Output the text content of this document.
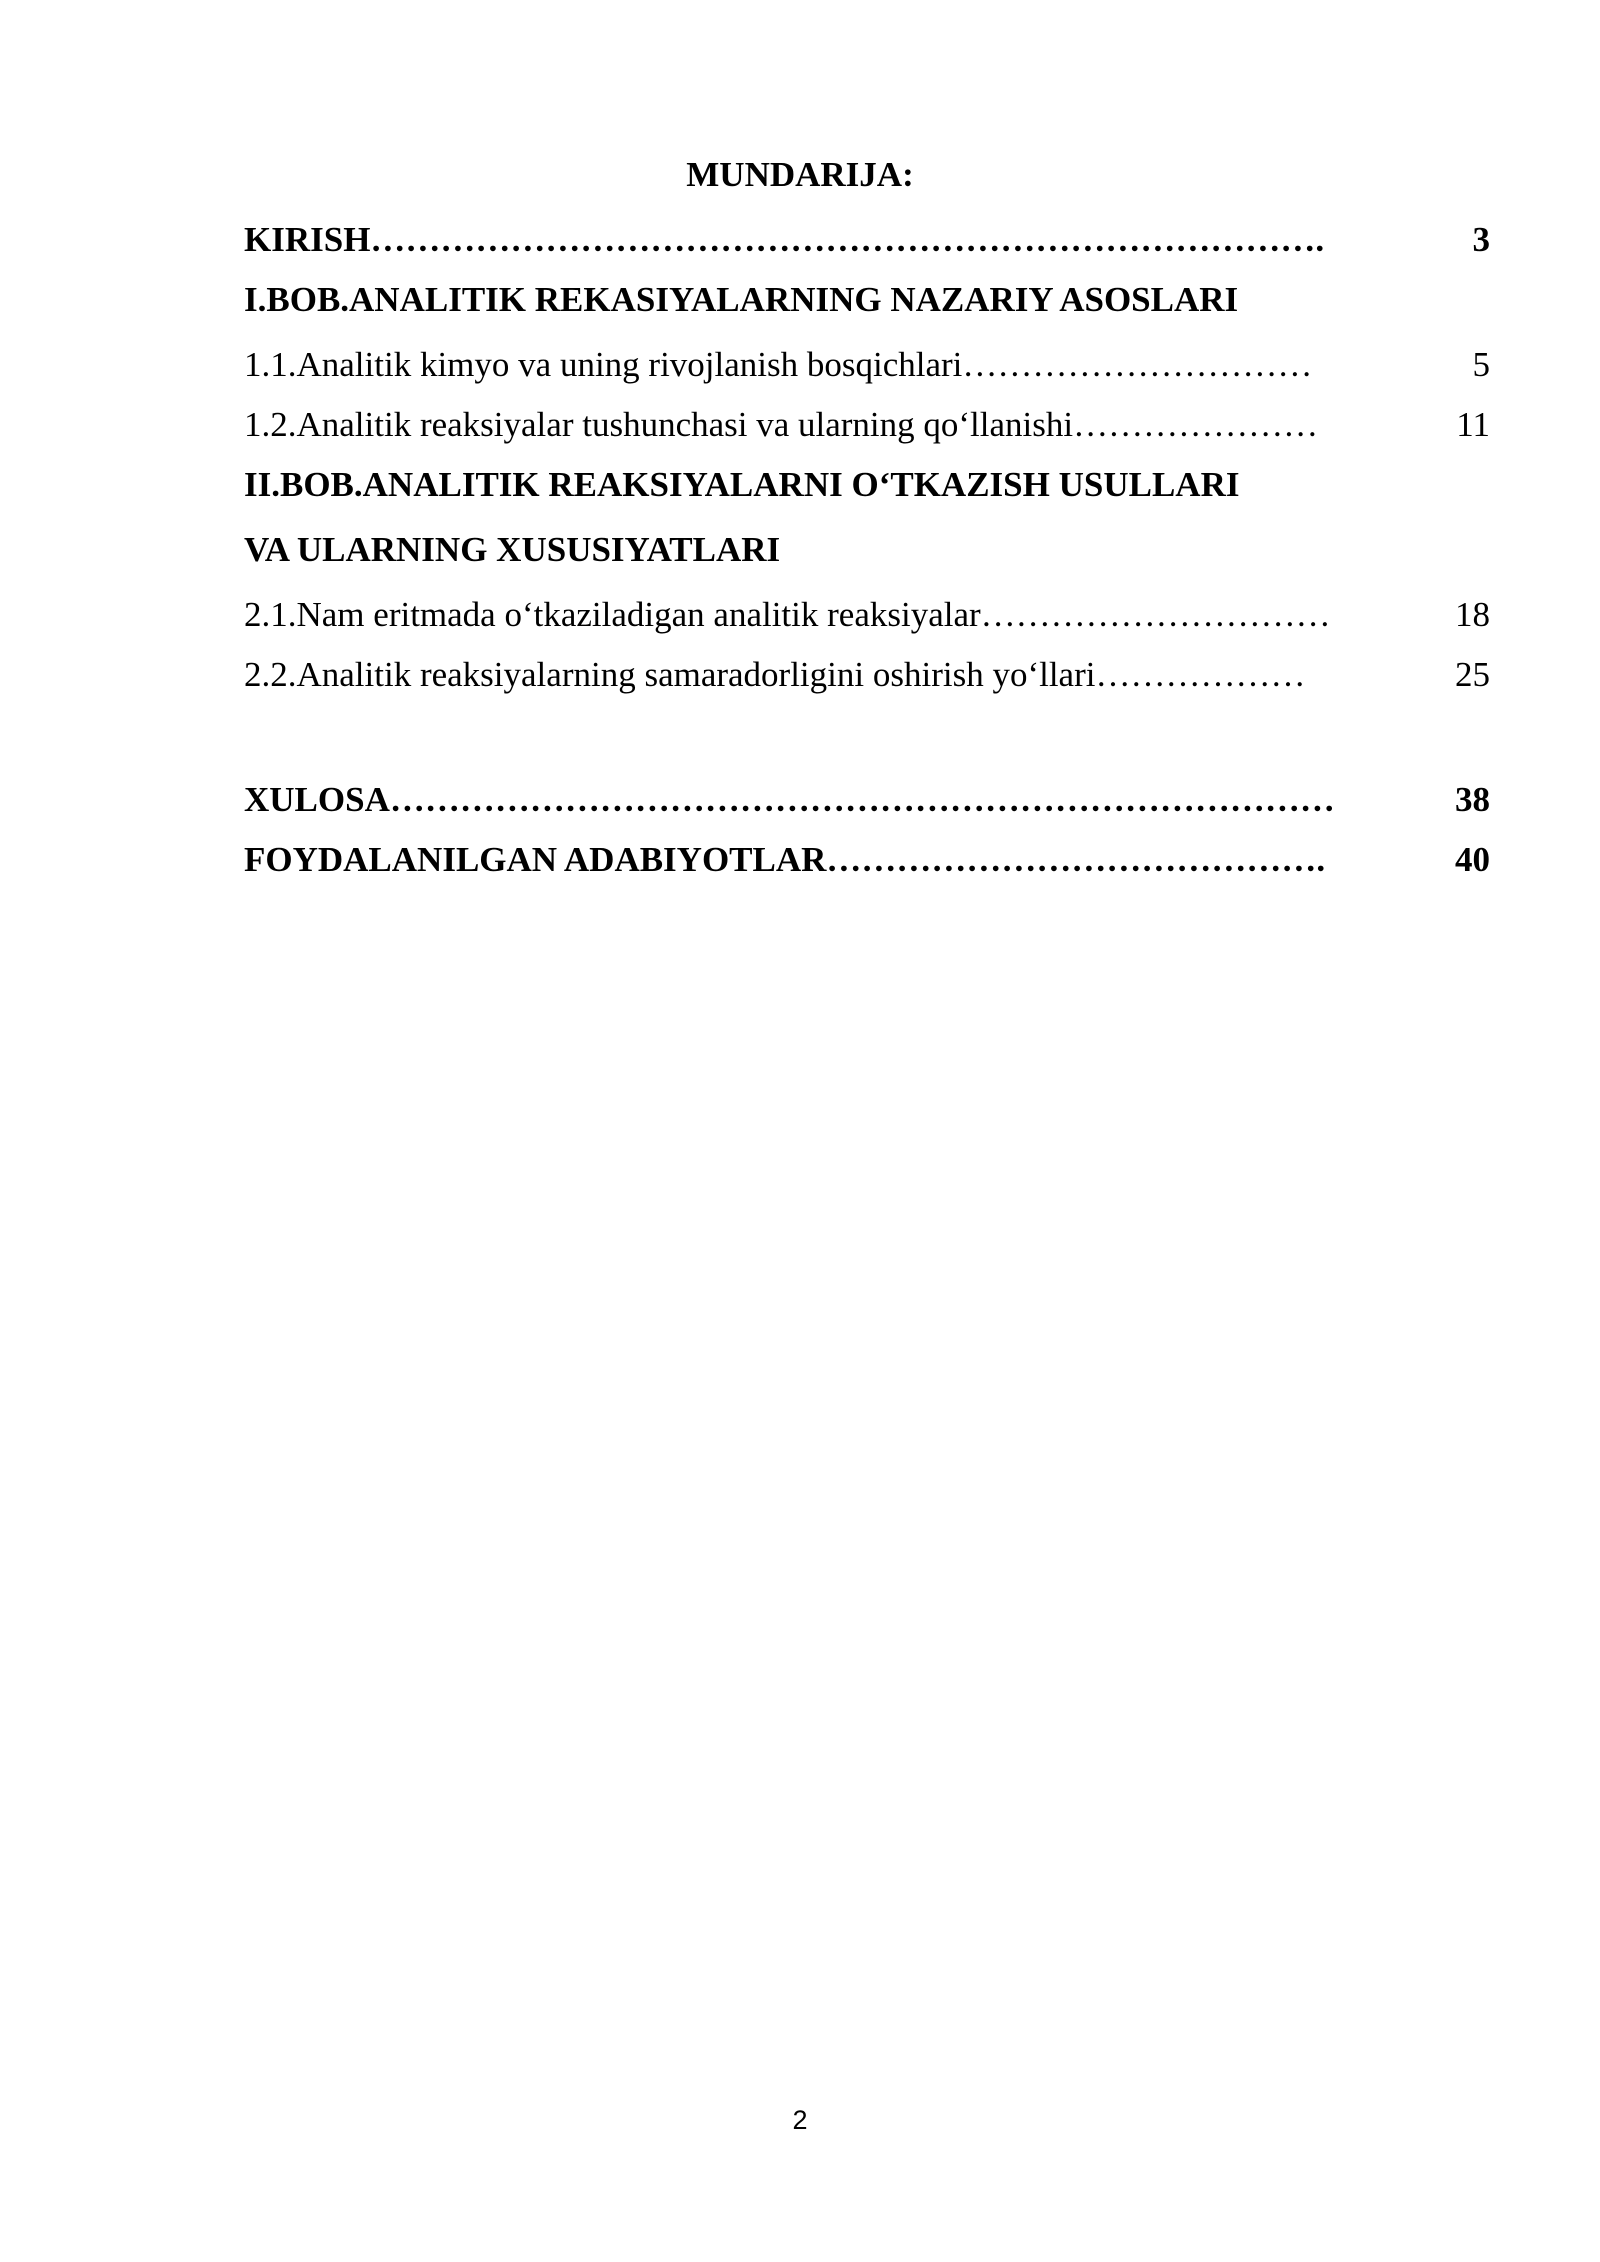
MUNDARIJA:
KIRISH……………………………………………………………………….	3
I.BOB.ANALITIK REKASIYALARNING NAZARIY ASOSLARI
1.1.Analitik kimyo va uning rivojlanish bosqichlari…………………………	5
1.2.Analitik reaksiyalar tushunchasi va ularning qo‘llanishi…………………	11
II.BOB.ANALITIK REAKSIYALARNI O‘TKAZISH USULLARI
VA ULARNING XUSUSIYATLARI
2.1.Nam eritmada o‘tkaziladigan analitik reaksiyalar…………………………	18
2.2.Analitik reaksiyalarning samaradorligini oshirish yo‘llari………………	25
XULOSA………………………………………………………………………	38
FOYDALANILGAN ADABIYOTLAR…………………………………….	40
2
